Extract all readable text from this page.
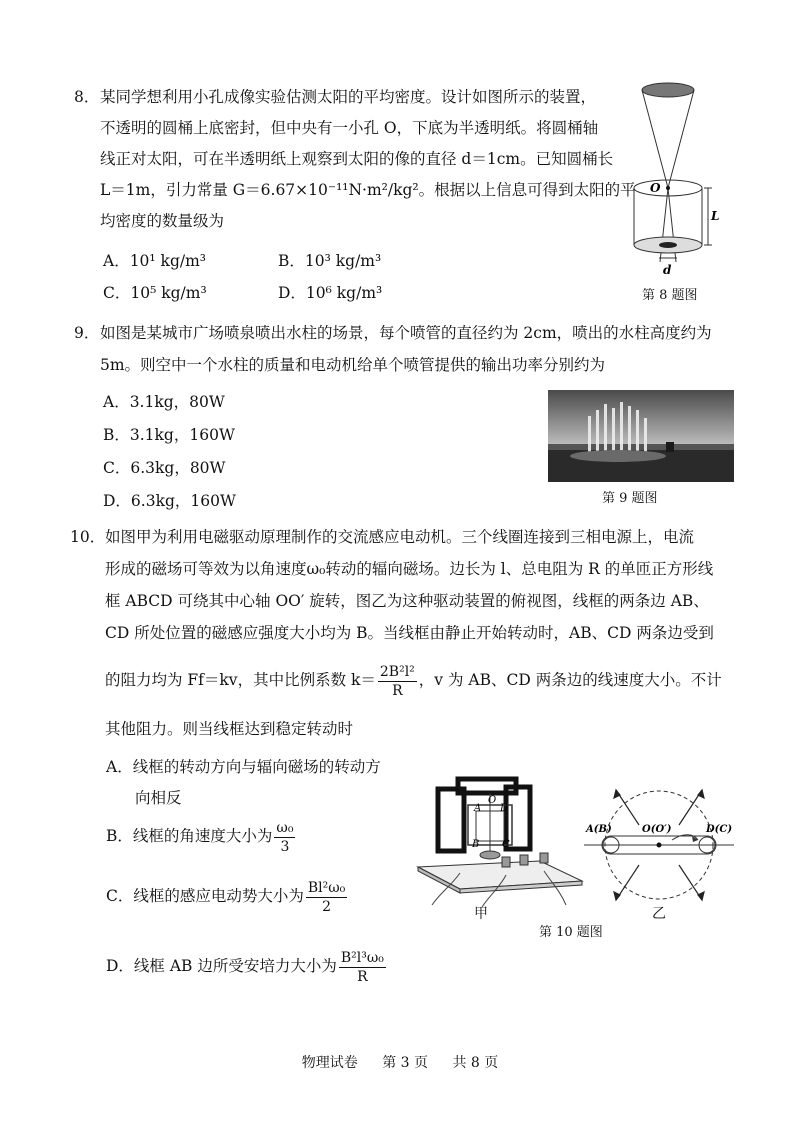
8． 某同学想利用小孔成像实验估测太阳的平均密度。设计如图所示的装置，
不透明的圆桶上底密封，但中央有一小孔 O，下底为半透明纸。将圆桶轴
线正对太阳，可在半透明纸上观察到太阳的像的直径 d＝1cm。已知圆桶长
L＝1m，引力常量 G＝6.67×10⁻¹¹N·m²/kg²。根据以上信息可得到太阳的平
均密度的数量级为
A．10¹ kg/m³	B．10³ kg/m³
C．10⁵ kg/m³	D．10⁶ kg/m³
O
L
d
第 8 题图
9． 如图是某城市广场喷泉喷出水柱的场景，每个喷管的直径约为 2cm，喷出的水柱高度约为
5m。则空中一个水柱的质量和电动机给单个喷管提供的输出功率分别约为
A．3.1kg，80W
B．3.1kg，160W
C．6.3kg，80W
D．6.3kg，160W	第 9 题图
10． 如图甲为利用电磁驱动原理制作的交流感应电动机。三个线圈连接到三相电源上，电流
形成的磁场可等效为以角速度ω₀转动的辐向磁场。边长为 l、总电阻为 R 的单匝正方形线
框 ABCD 可绕其中心轴 OO′ 旋转，图乙为这种驱动装置的俯视图，线框的两条边 AB、
CD 所处位置的磁感应强度大小均为 B。当线框由静止开始转动时，AB、CD 两条边受到
的阻力均为 Ff＝kv，其中比例系数 $k= \frac{\text{2B²l²}}{R}$ ，v 为 AB、CD 两条边的线速度大小。不计
其他阻力。则当线框达到稳定转动时
A．线框的转动方向与辐向磁场的转动方
向相反
B．线框的角速度大小为 $\frac{\text{ω₀}}{3}$
C．线框的感应电动势大小为 $\frac{\text{Bl²ω₀}}{2}$
D．线框 AB 边所受安培力大小为 $\frac{\text{B²l³ω₀}}{R}$
A
O
D
B C
甲
A(B)	D(C)
O(O′)
乙
第 10 题图
物理试卷 第 3 页 共 8 页
